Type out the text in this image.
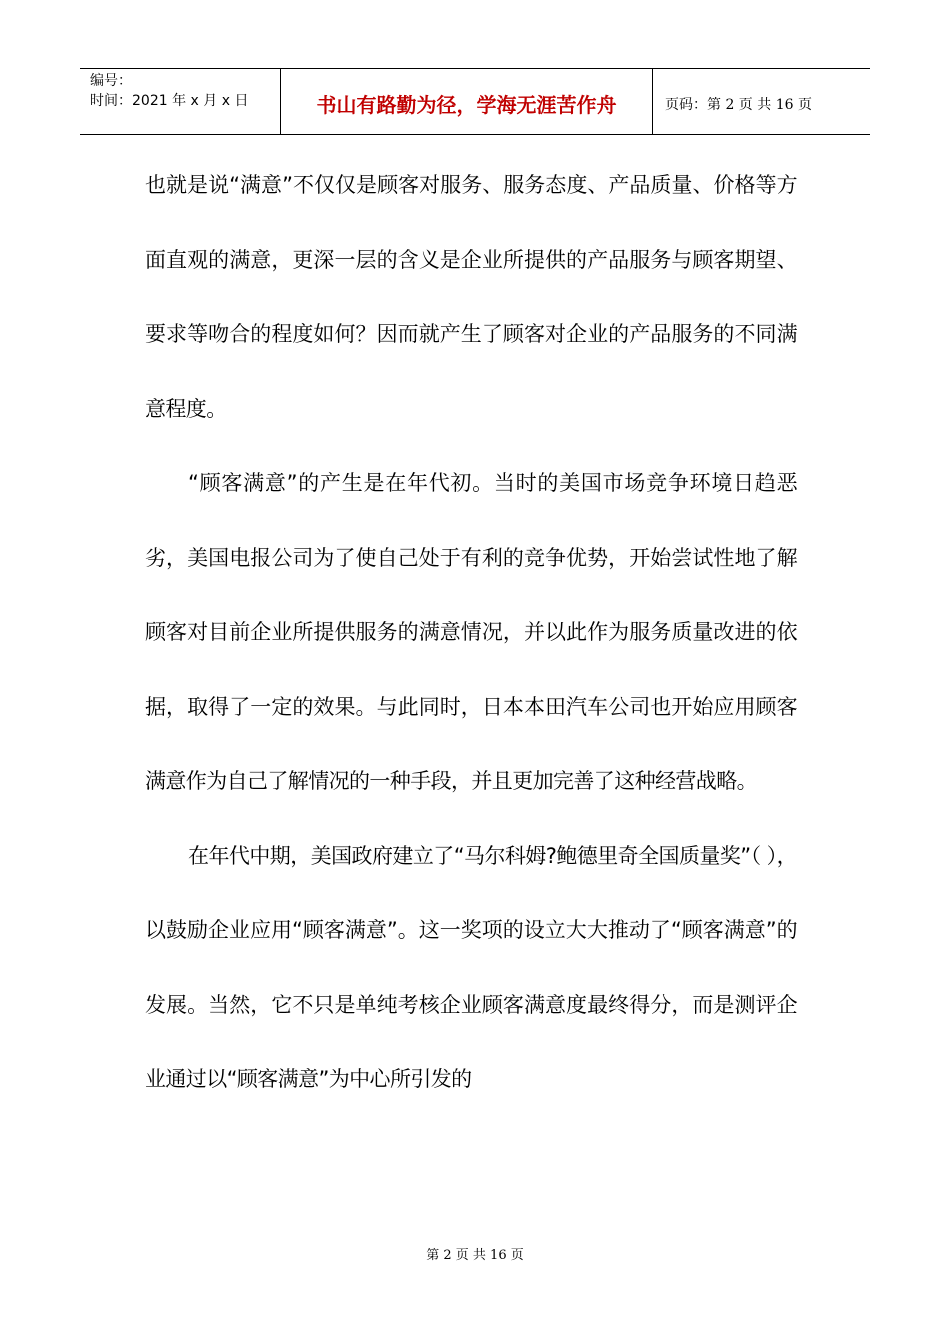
编号：
时间：2021 年 x 月 x 日	书山有路勤为径，学海无涯苦作舟	页码：第 2 页 共 16 页

也就是说“满意”不仅仅是顾客对服务、服务态度、产品质量、价格等方面直观的满意，更深一层的含义是企业所提供的产品服务与顾客期望、要求等吻合的程度如何？因而就产生了顾客对企业的产品服务的不同满意程度。

“顾客满意”的产生是在年代初。当时的美国市场竞争环境日趋恶劣，美国电报公司为了使自己处于有利的竞争优势，开始尝试性地了解顾客对目前企业所提供服务的满意情况，并以此作为服务质量改进的依据，取得了一定的效果。与此同时，日本本田汽车公司也开始应用顾客满意作为自己了解情况的一种手段，并且更加完善了这种经营战略。

在年代中期，美国政府建立了“马尔科姆?鲍德里奇全国质量奖”（ ），以鼓励企业应用“顾客满意”。这一奖项的设立大大推动了“顾客满意”的发展。当然，它不只是单纯考核企业顾客满意度最终得分，而是测评企业通过以“顾客满意”为中心所引发的

第 2 页 共 16 页
